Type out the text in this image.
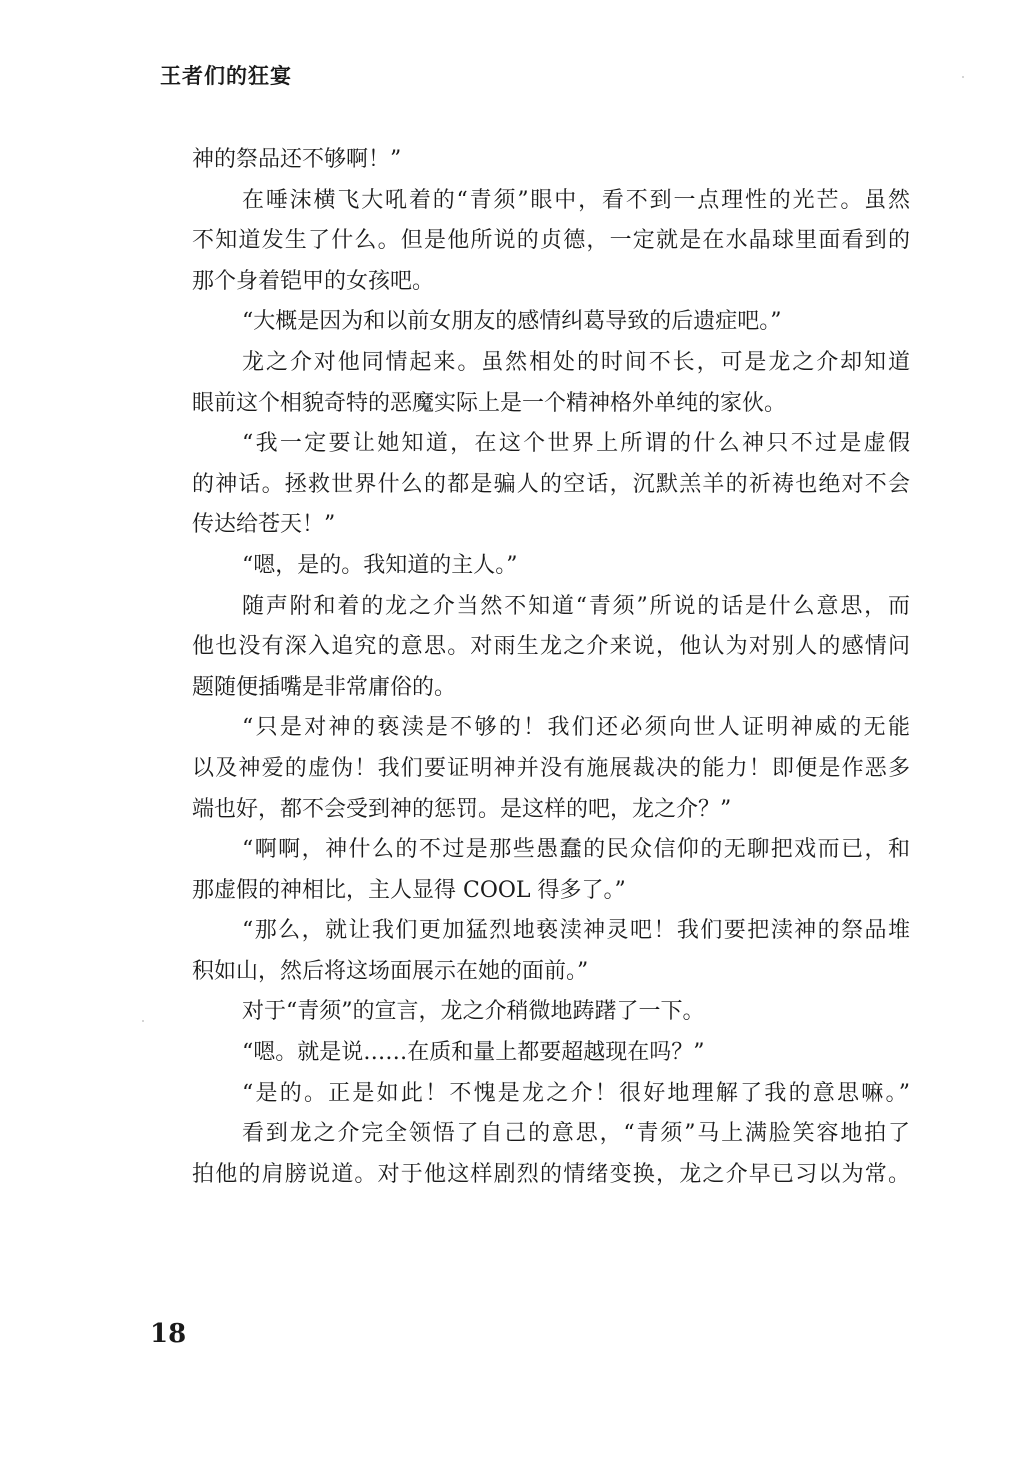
王者们的狂宴
神的祭品还不够啊！”
在唾沫横飞大吼着的“青须”眼中，看不到一点理性的光芒。虽然
不知道发生了什么。但是他所说的贞德，一定就是在水晶球里面看到的
那个身着铠甲的女孩吧。
“大概是因为和以前女朋友的感情纠葛导致的后遗症吧。”
龙之介对他同情起来。虽然相处的时间不长，可是龙之介却知道
眼前这个相貌奇特的恶魔实际上是一个精神格外单纯的家伙。
“我一定要让她知道，在这个世界上所谓的什么神只不过是虚假
的神话。拯救世界什么的都是骗人的空话，沉默羔羊的祈祷也绝对不会
传达给苍天！”
“嗯，是的。我知道的主人。”
随声附和着的龙之介当然不知道“青须”所说的话是什么意思，而
他也没有深入追究的意思。对雨生龙之介来说，他认为对别人的感情问
题随便插嘴是非常庸俗的。
“只是对神的亵渎是不够的！我们还必须向世人证明神威的无能
以及神爱的虚伪！我们要证明神并没有施展裁决的能力！即便是作恶多
端也好，都不会受到神的惩罚。是这样的吧，龙之介？”
“啊啊，神什么的不过是那些愚蠢的民众信仰的无聊把戏而已，和
那虚假的神相比，主人显得 COOL 得多了。”
“那么，就让我们更加猛烈地亵渎神灵吧！我们要把渎神的祭品堆
积如山，然后将这场面展示在她的面前。”
对于“青须”的宣言，龙之介稍微地踌躇了一下。
“嗯。就是说……在质和量上都要超越现在吗？”
“是的。正是如此！不愧是龙之介！很好地理解了我的意思嘛。”
看到龙之介完全领悟了自己的意思，“青须”马上满脸笑容地拍了
拍他的肩膀说道。对于他这样剧烈的情绪变换，龙之介早已习以为常。
18
